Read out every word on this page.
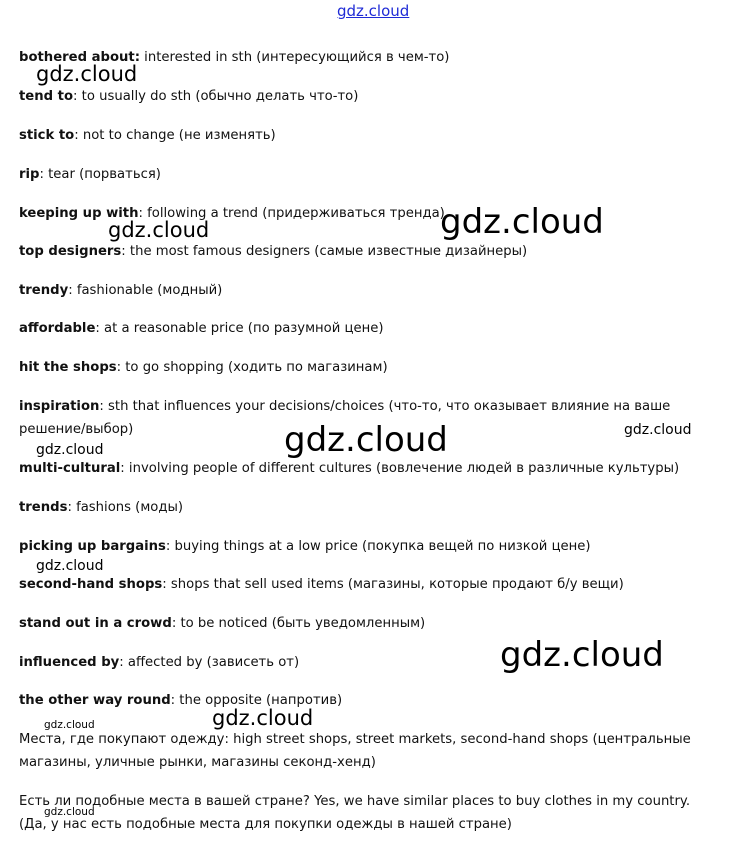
bothered about: interested in sth (интересующийся в чем-то)
tend to: to usually do sth (обычно делать что-то)
stick to: not to change (не изменять)
rip: tear (порваться)
keeping up with: following a trend (придерживаться тренда)
top designers: the most famous designers (самые известные дизайнеры)
trendy: fashionable (модный)
affordable: at a reasonable price (по разумной цене)
hit the shops: to go shopping (ходить по магазинам)
inspiration: sth that influences your decisions/choices (что-то, что оказывает влияние на ваше решение/выбор)
multi-cultural: involving people of different cultures (вовлечение людей в различные культуры)
trends: fashions (моды)
picking up bargains: buying things at a low price (покупка вещей по низкой цене)
second-hand shops: shops that sell used items (магазины, которые продают б/у вещи)
stand out in a crowd: to be noticed (быть уведомленным)
influenced by: affected by (зависеть от)
the other way round: the opposite (напротив)
Места, где покупают одежду: high street shops, street markets, second-hand shops (центральные магазины, уличные рынки, магазины секонд-хенд)
Есть ли подобные места в вашей стране? Yes, we have similar places to buy clothes in my country. (Да, у нас есть подобные места для покупки одежды в нашей стране)
gdz.cloud
gdz.cloud
gdz.cloud
gdz.cloud
gdz.cloud	gdz.cloud
gdz.cloud
gdz.cloud
gdz.cloud
gdz.cloud	gdz.cloud
gdz.cloud
